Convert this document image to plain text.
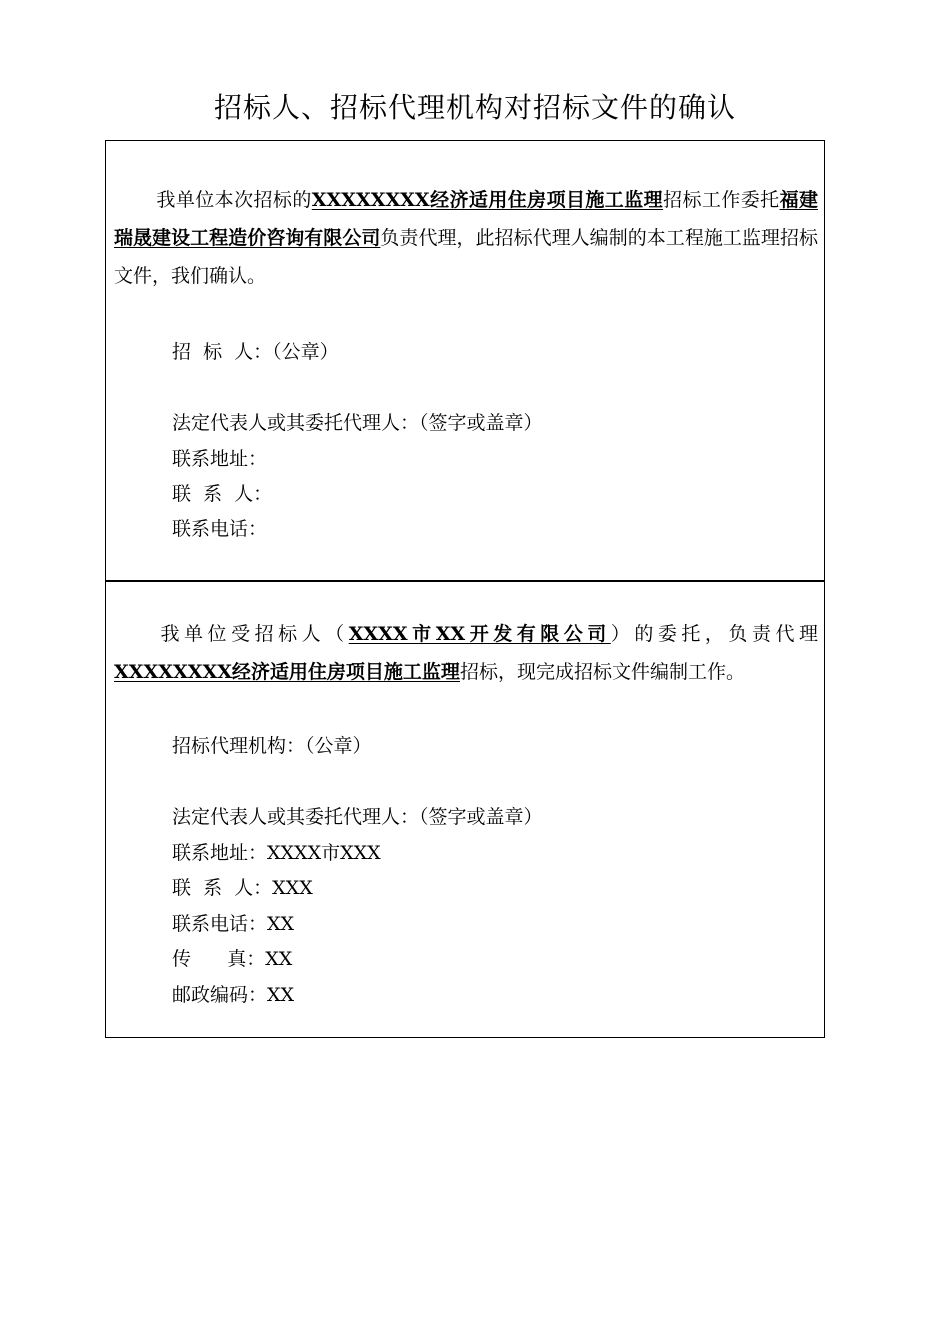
招标人、招标代理机构对招标文件的确认
我单位本次招标的XXXXXXXX经济适用住房项目施工监理招标工作委托福建瑞晟建设工程造价咨询有限公司负责代理，此招标代理人编制的本工程施工监理招标文件，我们确认。
招  标  人：（公章）
法定代表人或其委托代理人：（签字或盖章）
联系地址：
联  系  人：
联系电话：
我单位受招标人（XXXX市XX开发有限公司）的委托，负责代理XXXXXXXX经济适用住房项目施工监理招标，现完成招标文件编制工作。
招标代理机构：（公章）
法定代表人或其委托代理人：（签字或盖章）
联系地址：XXXX市XXX
联  系  人：XXX
联系电话：XX
传      真：XX
邮政编码：XX
